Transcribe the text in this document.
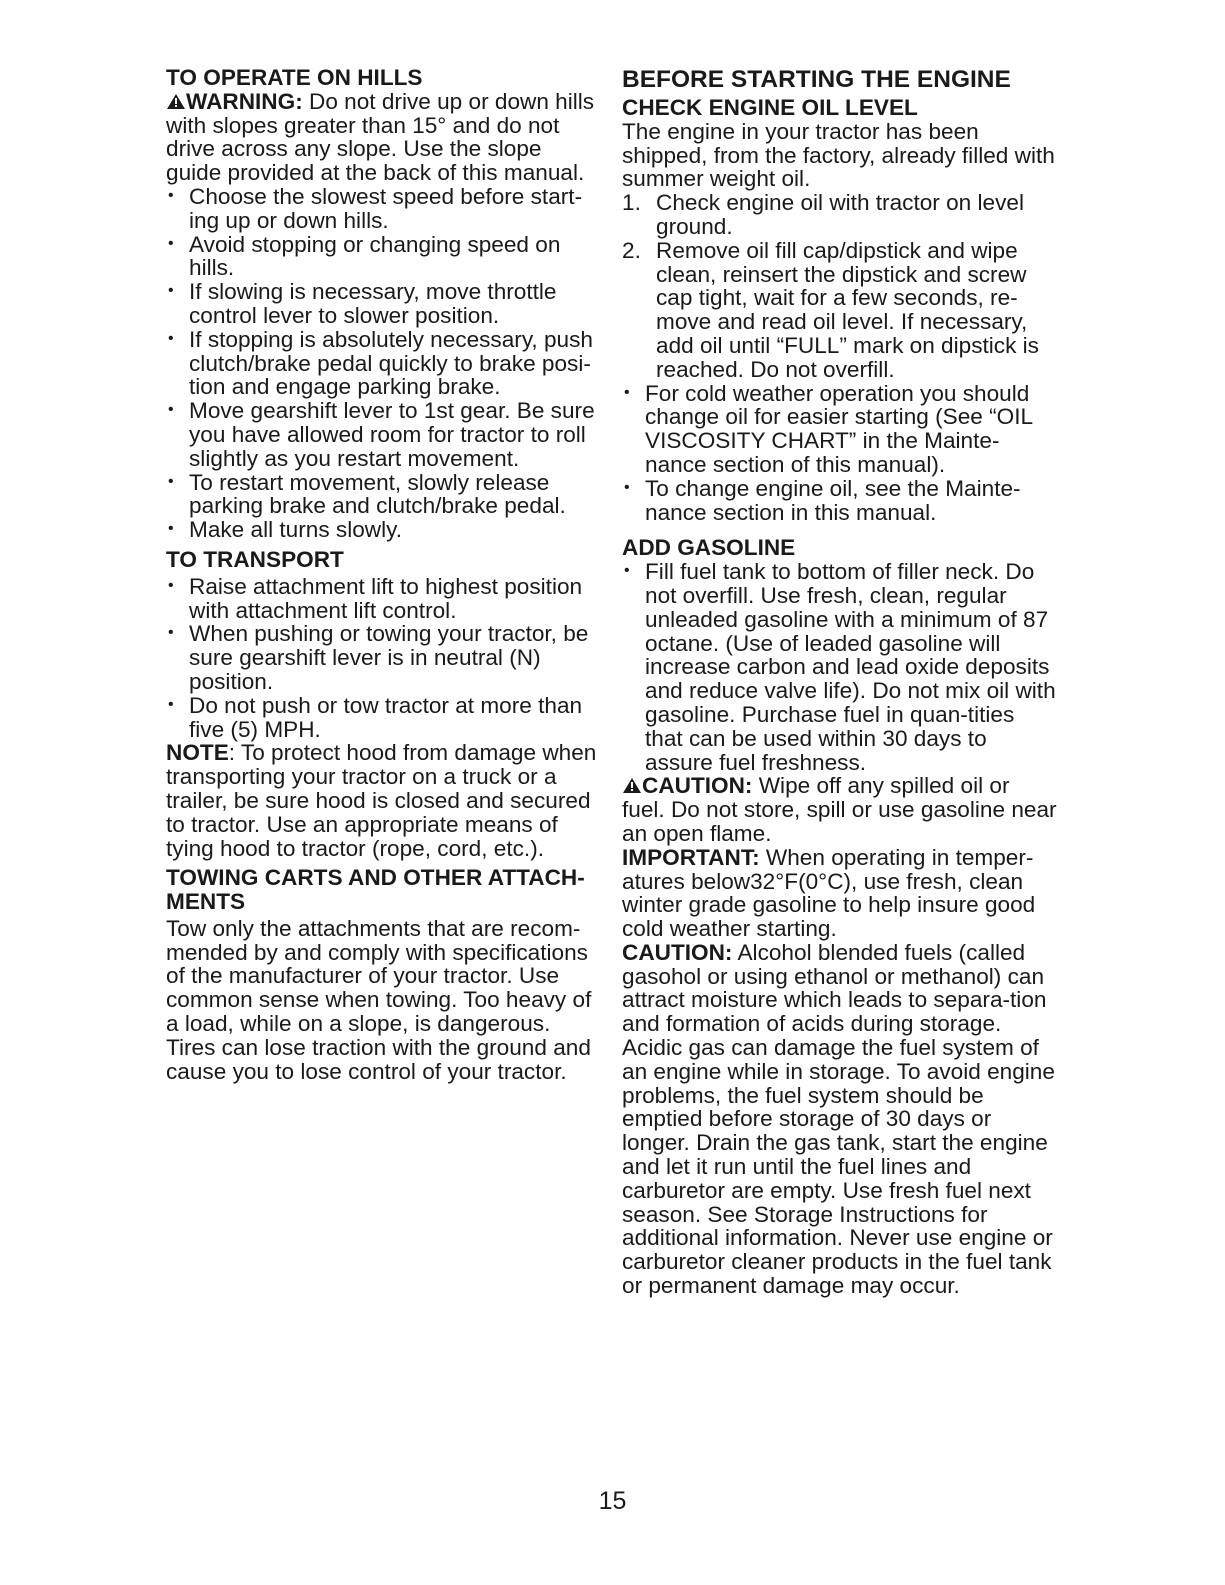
TO OPERATE ON HILLS

WARNING: Do not drive up or down hills with slopes greater than 15° and do not drive across any slope. Use the slope guide provided at the back of this manual.

• Choose the slowest speed before start-ing up or down hills.
• Avoid stopping or changing speed on hills.
• If slowing is necessary, move throttle control lever to slower position.
• If stopping is absolutely necessary, push clutch/brake pedal quickly to brake posi-tion and engage parking brake.
• Move gearshift lever to 1st gear. Be sure you have allowed room for tractor to roll slightly as you restart movement.
• To restart movement, slowly release parking brake and clutch/brake pedal.
• Make all turns slowly.
TO TRANSPORT
• Raise attachment lift to highest position with attachment lift control.
• When pushing or towing your tractor, be sure gearshift lever is in neutral (N) position.
• Do not push or tow tractor at more than five (5) MPH.

NOTE: To protect hood from damage when transporting your tractor on a truck or a trailer, be sure hood is closed and secured to tractor. Use an appropriate means of tying hood to tractor (rope, cord, etc.).

TOWING CARTS AND OTHER ATTACH-MENTS

Tow only the attachments that are recom-mended by and comply with specifications of the manufacturer of your tractor. Use common sense when towing. Too heavy of a load, while on a slope, is dangerous. Tires can lose traction with the ground and cause you to lose control of your tractor.

BEFORE STARTING THE ENGINE
CHECK ENGINE OIL LEVEL

The engine in your tractor has been shipped, from the factory, already filled with summer weight oil.

1. Check engine oil with tractor on level ground.
2. Remove oil fill cap/dipstick and wipe clean, reinsert the dipstick and screw cap tight, wait for a few seconds, re-move and read oil level. If necessary, add oil until “FULL” mark on dipstick is reached. Do not overfill.
• For cold weather operation you should change oil for easier starting (See “OIL VISCOSITY CHART” in the Mainte-nance section of this manual).
• To change engine oil, see the Mainte-nance section in this manual.
ADD GASOLINE
• Fill fuel tank to bottom of filler neck. Do not overfill. Use fresh, clean, regular unleaded gasoline with a minimum of 87 octane. (Use of leaded gasoline will increase carbon and lead oxide deposits and reduce valve life). Do not mix oil with gasoline. Purchase fuel in quan-tities that can be used within 30 days to assure fuel freshness.

CAUTION: Wipe off any spilled oil or fuel. Do not store, spill or use gasoline near an open flame.

IMPORTANT: When operating in temper-atures below32°F(0°C), use fresh, clean winter grade gasoline to help insure good cold weather starting.

CAUTION: Alcohol blended fuels (called gasohol or using ethanol or methanol) can attract moisture which leads to separa-tion and formation of acids during storage. Acidic gas can damage the fuel system of an engine while in storage. To avoid engine problems, the fuel system should be emptied before storage of 30 days or longer. Drain the gas tank, start the engine and let it run until the fuel lines and carburetor are empty. Use fresh fuel next season. See Storage Instructions for additional information. Never use engine or carburetor cleaner products in the fuel tank or permanent damage may occur.

15
